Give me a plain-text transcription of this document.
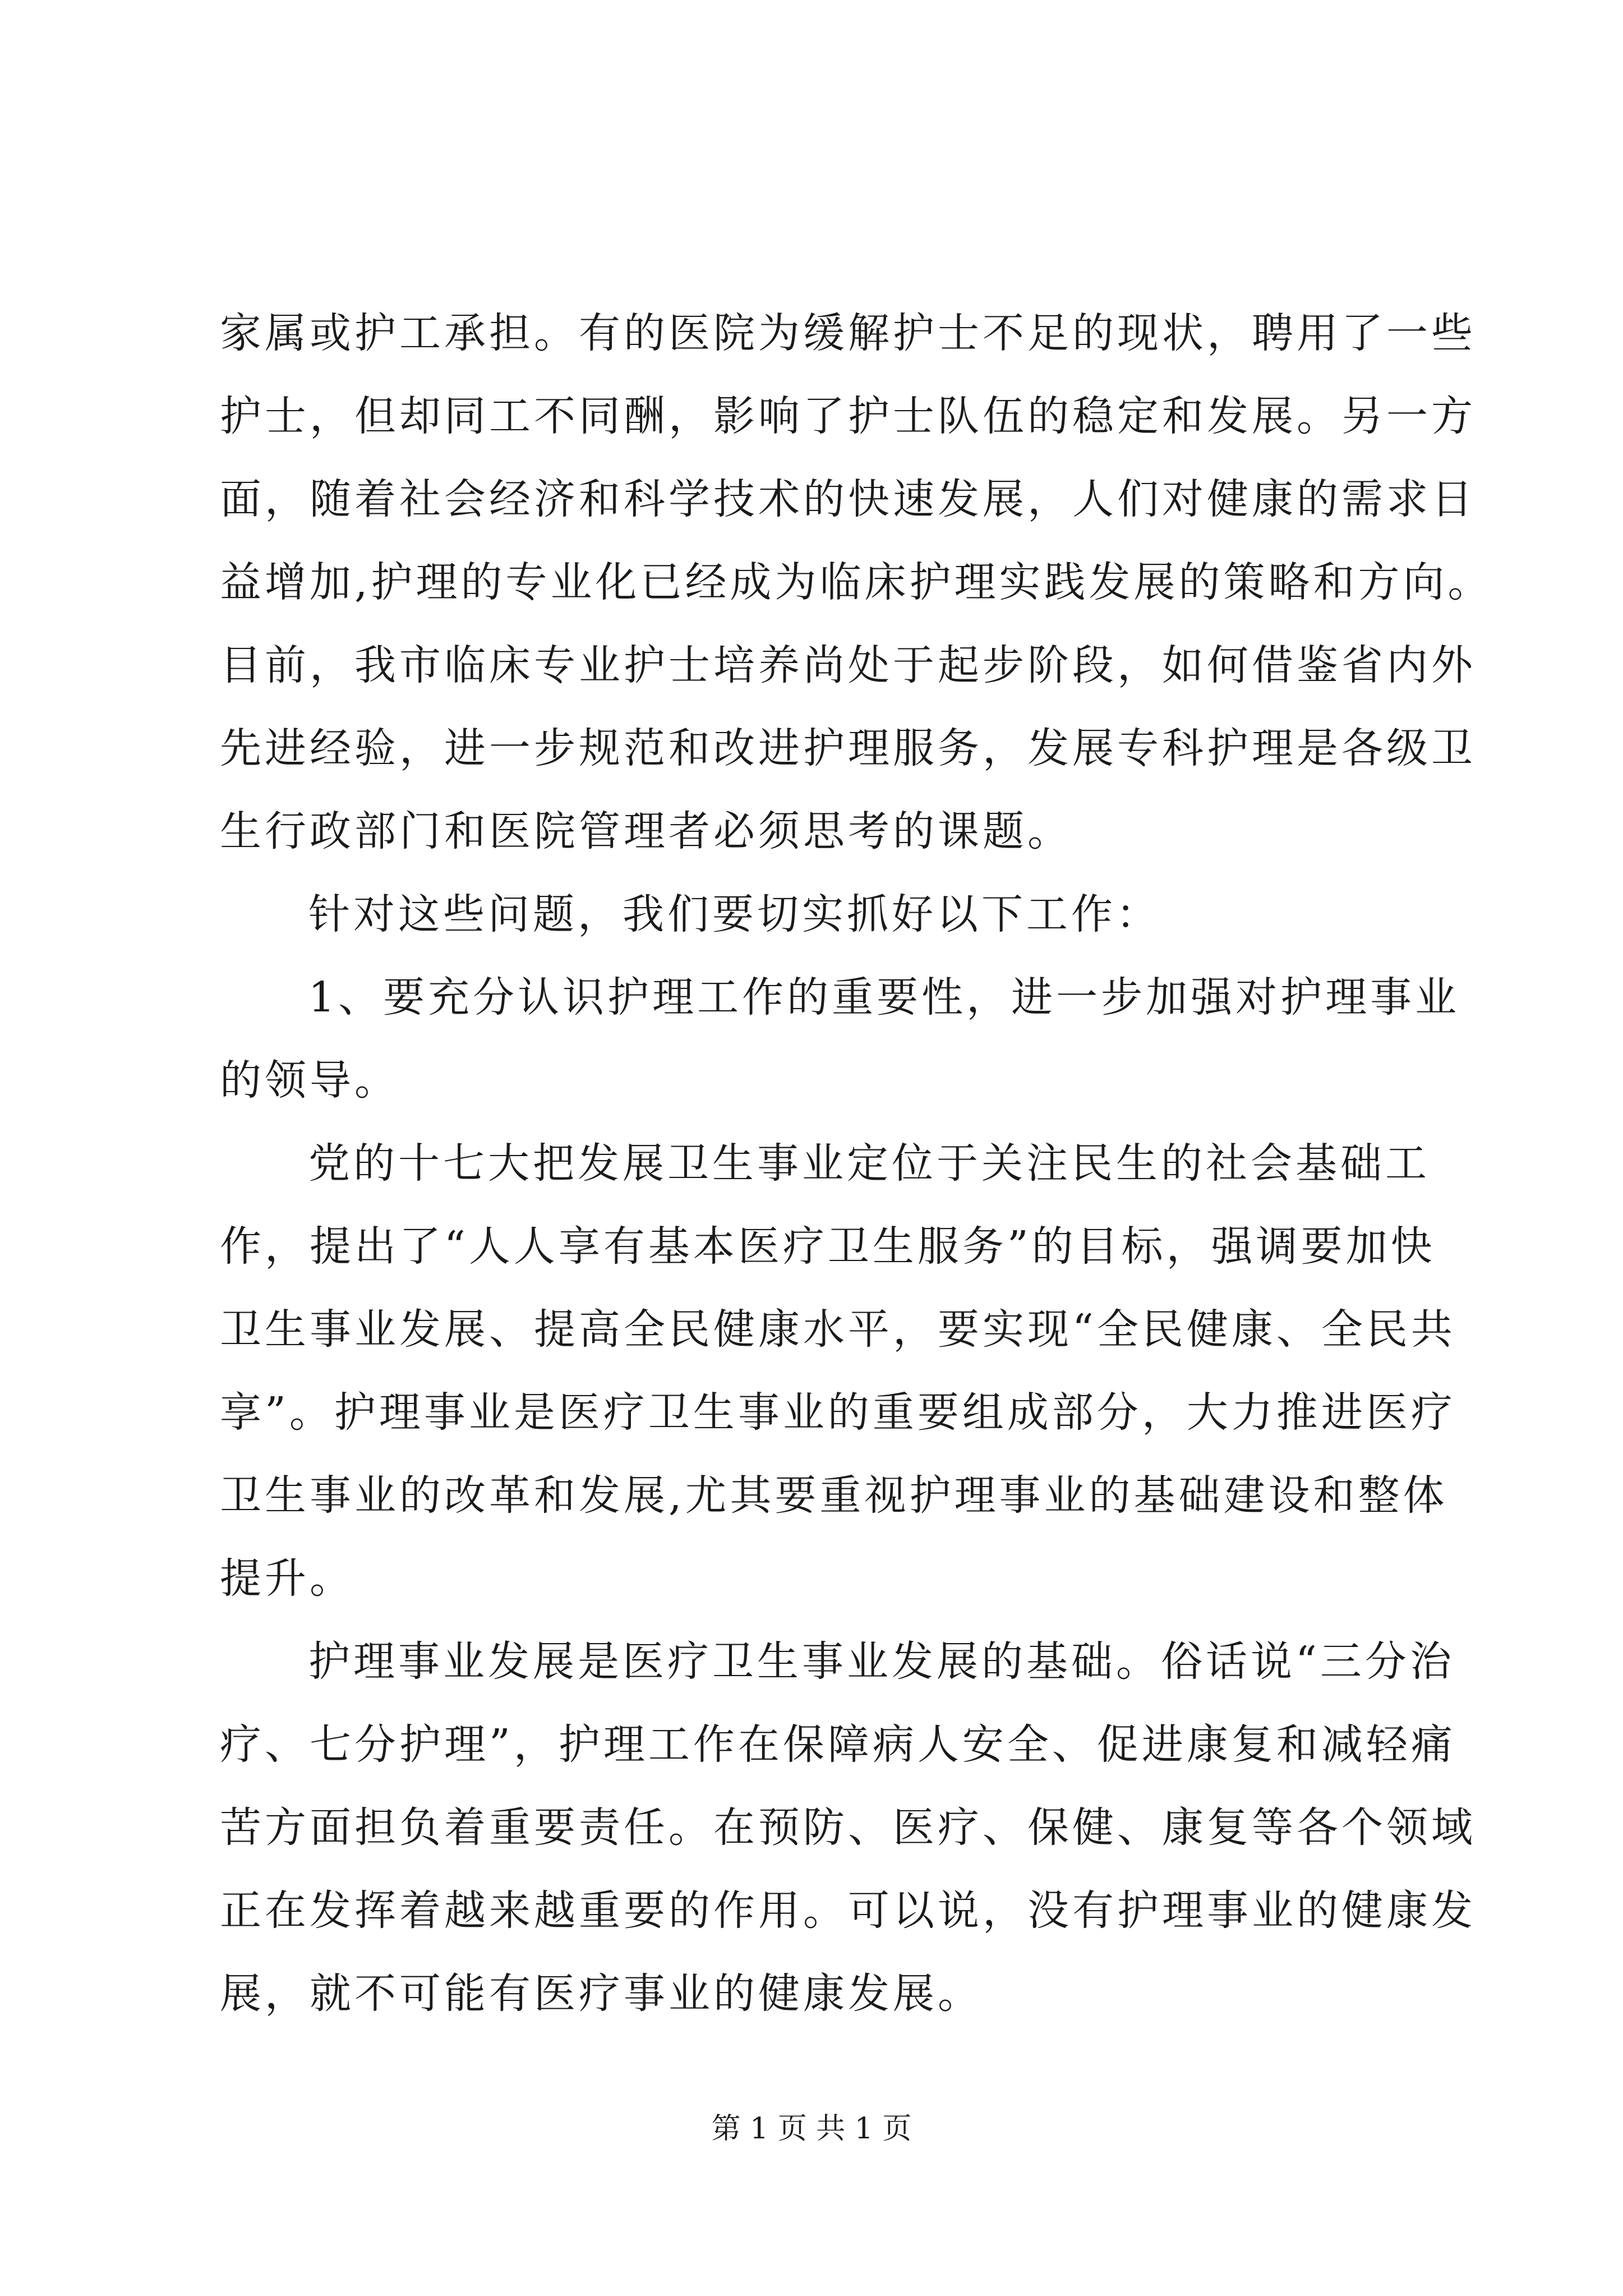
家属或护工承担。有的医院为缓解护士不足的现状，聘用了一些
护士，但却同工不同酬，影响了护士队伍的稳定和发展。另一方
面，随着社会经济和科学技术的快速发展，人们对健康的需求日
益增加,护理的专业化已经成为临床护理实践发展的策略和方向。
目前，我市临床专业护士培养尚处于起步阶段，如何借鉴省内外
先进经验，进一步规范和改进护理服务，发展专科护理是各级卫
生行政部门和医院管理者必须思考的课题。
针对这些问题，我们要切实抓好以下工作：
1、要充分认识护理工作的重要性，进一步加强对护理事业
的领导。
党的十七大把发展卫生事业定位于关注民生的社会基础工
作，提出了“人人享有基本医疗卫生服务”的目标，强调要加快
卫生事业发展、提高全民健康水平，要实现“全民健康、全民共
享”。护理事业是医疗卫生事业的重要组成部分，大力推进医疗
卫生事业的改革和发展,尤其要重视护理事业的基础建设和整体
提升。
护理事业发展是医疗卫生事业发展的基础。俗话说“三分治
疗、七分护理”，护理工作在保障病人安全、促进康复和减轻痛
苦方面担负着重要责任。在预防、医疗、保健、康复等各个领域
正在发挥着越来越重要的作用。可以说，没有护理事业的健康发
展，就不可能有医疗事业的健康发展。
第 1 页 共 1 页
